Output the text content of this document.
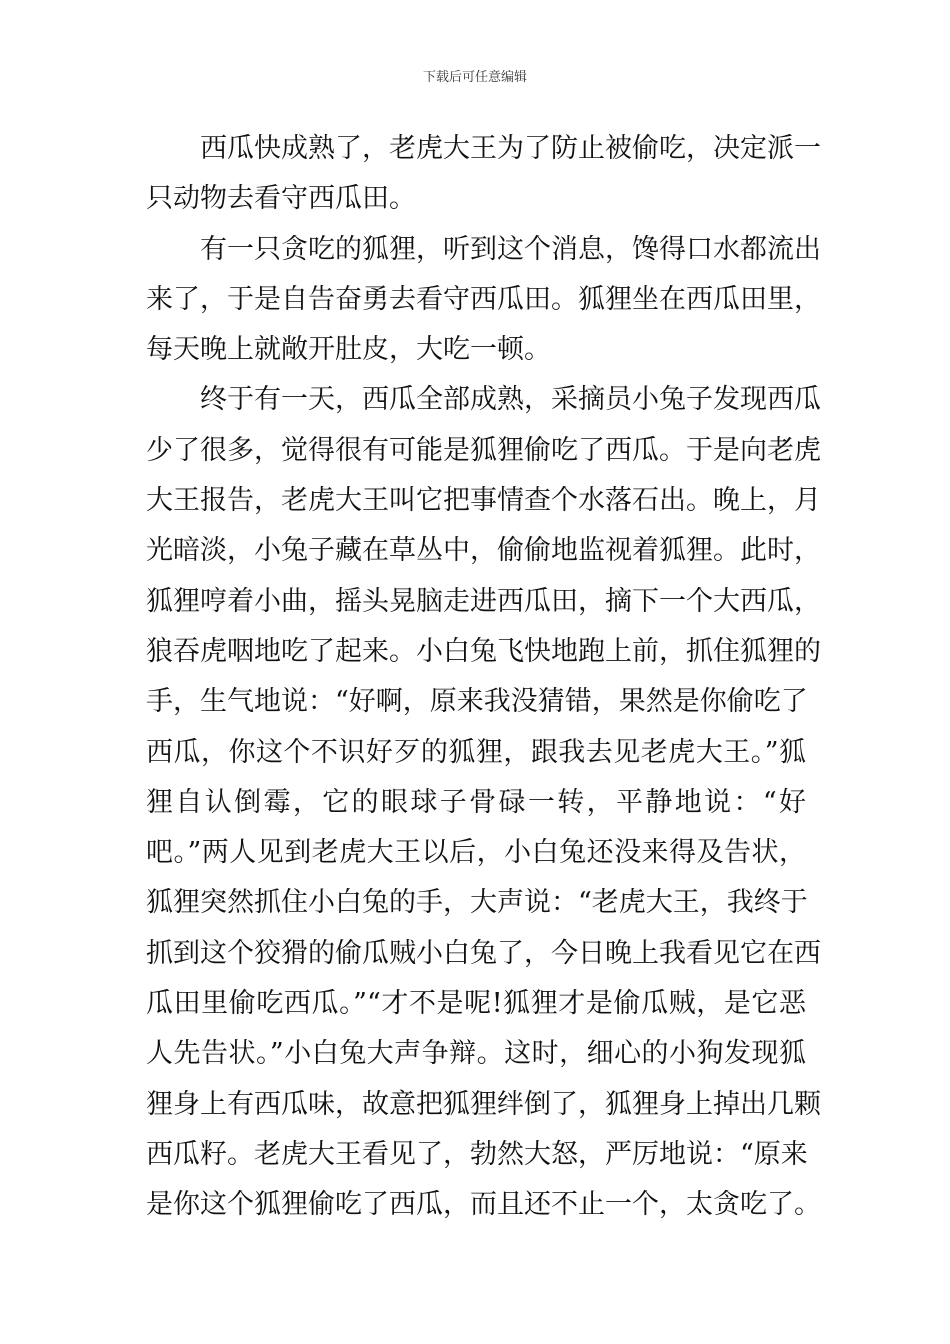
下载后可任意编辑
西瓜快成熟了，老虎大王为了防止被偷吃，决定派一
只动物去看守西瓜田。
有一只贪吃的狐狸，听到这个消息，馋得口水都流出
来了，于是自告奋勇去看守西瓜田。狐狸坐在西瓜田里，
每天晚上就敞开肚皮，大吃一顿。
终于有一天，西瓜全部成熟，采摘员小兔子发现西瓜
少了很多，觉得很有可能是狐狸偷吃了西瓜。于是向老虎
大王报告，老虎大王叫它把事情查个水落石出。晚上，月
光暗淡，小兔子藏在草丛中，偷偷地监视着狐狸。此时，
狐狸哼着小曲，摇头晃脑走进西瓜田，摘下一个大西瓜，
狼吞虎咽地吃了起来。小白兔飞快地跑上前，抓住狐狸的
手，生气地说：“好啊，原来我没猜错，果然是你偷吃了
西瓜，你这个不识好歹的狐狸，跟我去见老虎大王。”狐
狸自认倒霉，它的眼球子骨碌一转，平静地说：“好
吧。”两人见到老虎大王以后，小白兔还没来得及告状，
狐狸突然抓住小白兔的手，大声说：“老虎大王，我终于
抓到这个狡猾的偷瓜贼小白兔了，今日晚上我看见它在西
瓜田里偷吃西瓜。”“才不是呢!狐狸才是偷瓜贼，是它恶
人先告状。”小白兔大声争辩。这时，细心的小狗发现狐
狸身上有西瓜味，故意把狐狸绊倒了，狐狸身上掉出几颗
西瓜籽。老虎大王看见了，勃然大怒，严厉地说：“原来
是你这个狐狸偷吃了西瓜，而且还不止一个，太贪吃了。
